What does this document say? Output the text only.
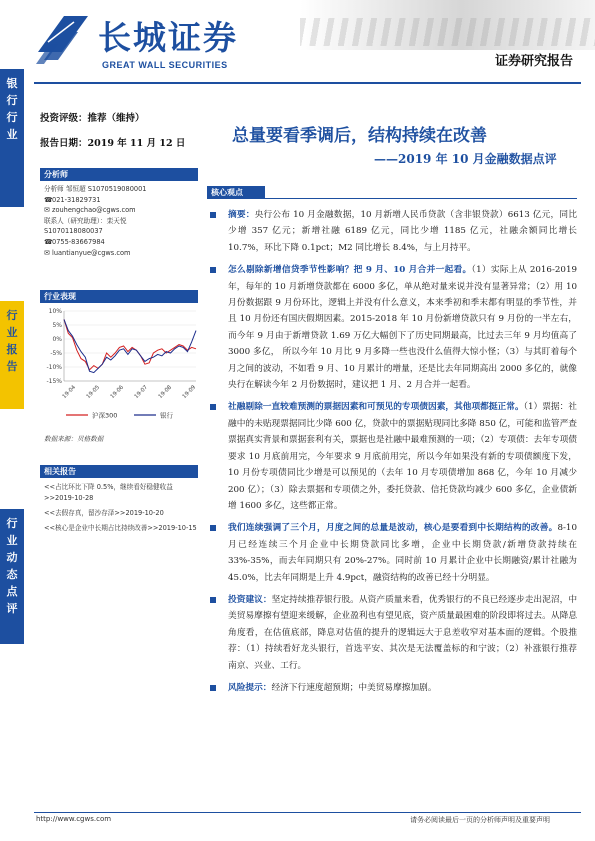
长城证券
GREAT WALL SECURITIES	证券研究报告
银
行
行
业
行
业
报
告
行
业
动
态
点
评
投资评级：推荐（维持）
报告日期：2019 年 11 月 12 日
分析师
分析师 邹恒超 S1070519080001
☎ 021-31829731
✉ zouhengchao@cgws.com
联系人（研究助理）：栾天悦
S1070118080037
☎ 0755-83667984
✉ luantianyue@cgws.com
行业表现
10%
5%
0%
-5%
-10%
-15%
19-04 19-05 19-06 19-07 19-08 19-09
沪深300	银行
数据来源：贝格数据
相关报告
<<占比环比下降 0.5%，继续看好稳健收益>>2019-10-28
<<去假存真，留沙存泽>>2019-10-20
<<核心是企业中长期占比持续改善>>2019-10-15
总量要看季调后，结构持续在改善
——2019 年 10 月金融数据点评
核心观点
摘要：央行公布 10 月金融数据，10 月新增人民币贷款（含非银贷款）6613 亿元，同比少增 357 亿元；新增社融 6189 亿元，同比少增 1185 亿元，社融余额同比增长 10.7%，环比下降 0.1pct；M2 同比增长 8.4%，与上月持平。
怎么剔除新增信贷季节性影响？把 9 月、10 月合并一起看。（1）实际上从 2016-2019 年，每年的 10 月新增贷款都在 6000 多亿，单从绝对量来说并没有显著异常；（2）用 10 月份数据跟 9 月份环比，逻辑上并没有什么意义，本来季初和季末都有明显的季节性，并且 10 月份还有国庆假期因素。2015-2018 年 10 月份新增贷款只有 9 月份的一半左右，而今年 9 月由于新增贷款 1.69 万亿大幅创下了历史同期最高，比过去三年 9 月均值高了 3000 多亿， 所以今年 10 月比 9 月多降一些也没什么值得大惊小怪；（3）与其盯着每个月之间的波动，不如看 9 月、10 月累计的增量，还是比去年同期高出 2000 多亿的，就像央行在解读今年 2 月份数据时，建议把 1 月、2 月合并一起看。
社融剔除一直较难预测的票据因素和可预见的专项债因素，其他项都挺正常。（1）票据：社融中的未贴现票据同比少降 600 亿，贷款中的票据贴现同比多降 850 亿，可能和监管严查票据真实背景和票据套利有关，票据也是社融中最难预测的一项；（2）专项债：去年专项债要求 10 月底前用完，今年要求 9 月底前用完，所以今年如果没有新的专项债额度下发，10 月份专项债同比少增是可以预见的（去年 10 月专项债增加 868 亿，今年 10 月减少 200 亿）；（3）除去票据和专项债之外，委托贷款、信托贷款均减少 600 多亿，企业债新增 1600 多亿，这些都正常。
我们连续强调了三个月，月度之间的总量是波动，核心是要看到中长期结构的改善。8-10 月已经连续三个月企业中长期贷款同比多增，企业中长期贷款/新增贷款持续在 33%-35%，而去年同期只有 20%-27%。同时前 10 月累计企业中长期融资/累计社融为 45.0%，比去年同期是上升 4.9pct，融资结构的改善已经十分明显。
投资建议：坚定持续推荐银行股。从资产质量来看，优秀银行的不良已经逐步走出泥沼，中美贸易摩擦有望迎来缓解，企业盈利也有望见底，资产质量最困难的阶段即将过去。从降息角度看，在估值底部，降息对估值的提升的逻辑远大于息差收窄对基本面的逻辑。个股推荐：（1）持续看好龙头银行，首选平安、其次是无法覆盖标的和宁波；（2）补涨银行推荐南京、兴业、工行。
风险提示：经济下行速度超预期；中美贸易摩擦加剧。
http://www.cgws.com	请务必阅读最后一页的分析师声明及重要声明
